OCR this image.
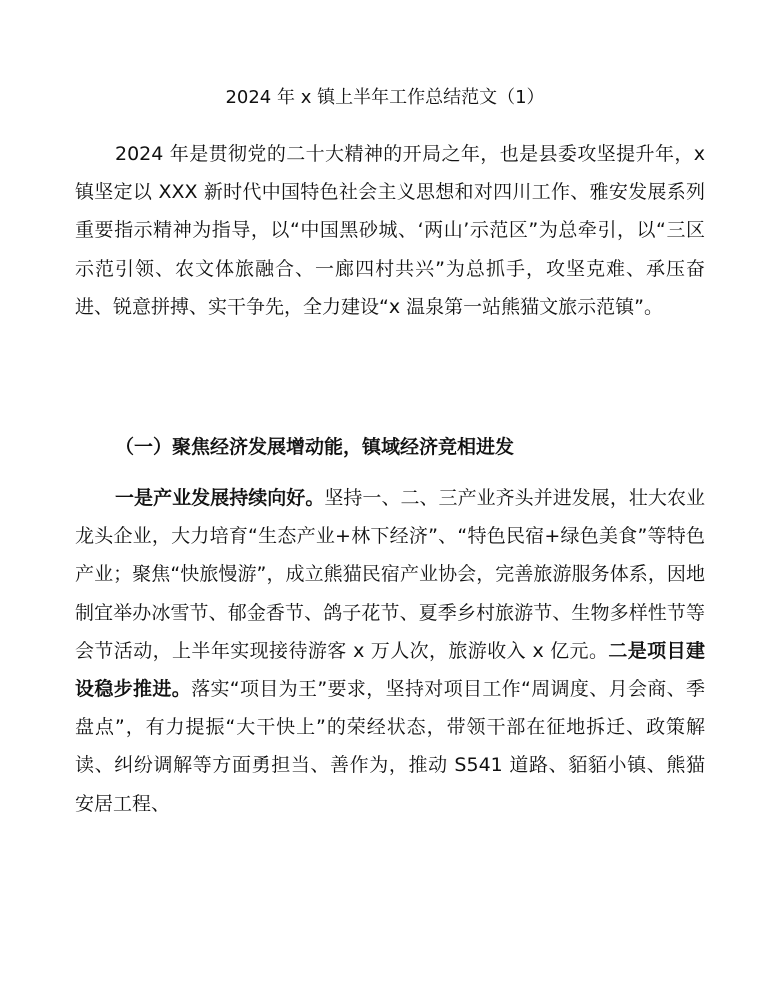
2024 年 x 镇上半年工作总结范文（1）

2024 年是贯彻党的二十大精神的开局之年，也是县委攻坚提升年，x 镇坚定以 XXX 新时代中国特色社会主义思想和对四川工作、雅安发展系列重要指示精神为指导，以“中国黑砂城、‘两山’示范区”为总牵引，以“三区示范引领、农文体旅融合、一廊四村共兴”为总抓手，攻坚克难、承压奋进、锐意拼搏、实干争先，全力建设“x 温泉第一站熊猫文旅示范镇”。

（一）聚焦经济发展增动能，镇域经济竞相进发

一是产业发展持续向好。坚持一、二、三产业齐头并进发展，壮大农业龙头企业，大力培育“生态产业+林下经济”、“特色民宿+绿色美食”等特色产业；聚焦“快旅慢游”，成立熊猫民宿产业协会，完善旅游服务体系，因地制宜举办冰雪节、郁金香节、鸽子花节、夏季乡村旅游节、生物多样性节等会节活动，上半年实现接待游客 x 万人次，旅游收入 x 亿元。二是项目建设稳步推进。落实“项目为王”要求，坚持对项目工作“周调度、月会商、季盘点”，有力提振“大干快上”的荣经状态，带领干部在征地拆迁、政策解读、纠纷调解等方面勇担当、善作为，推动 S541 道路、貊貊小镇、熊猫安居工程、
